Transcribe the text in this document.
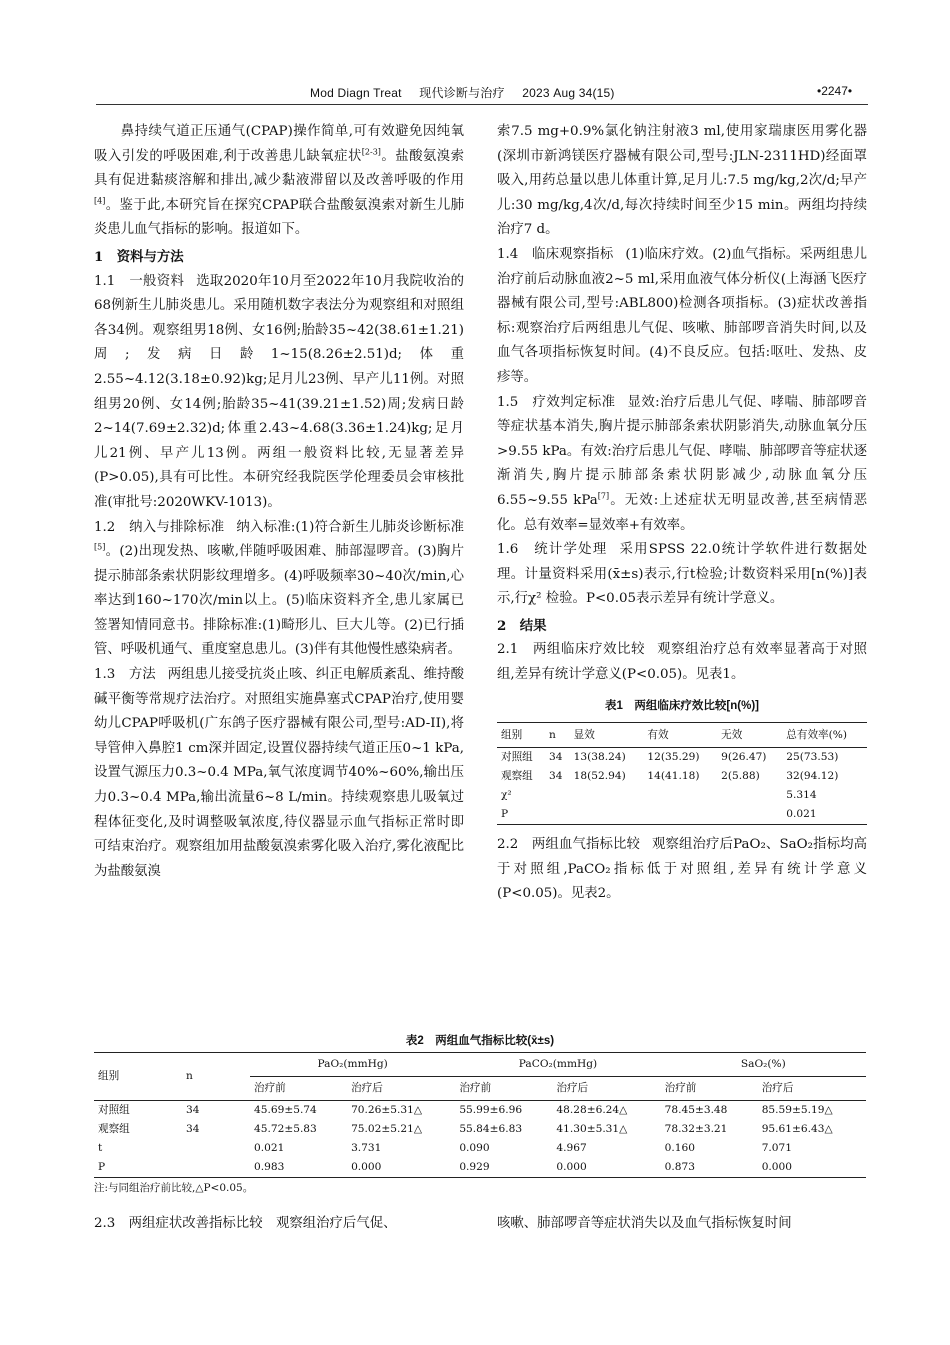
Mod Diagn Treat 现代诊断与治疗 2023 Aug 34(15)	•2247•

鼻持续气道正压通气(CPAP)操作简单,可有效避免因纯氧吸入引发的呼吸困难,利于改善患儿缺氧症状[2-3]。盐酸氨溴索具有促进黏痰溶解和排出,减少黏液滞留以及改善呼吸的作用[4]。鉴于此,本研究旨在探究CPAP联合盐酸氨溴索对新生儿肺炎患儿血气指标的影响。报道如下。

1　资料与方法

1.1　一般资料 选取2020年10月至2022年10月我院收治的68例新生儿肺炎患儿。采用随机数字表法分为观察组和对照组各34例。观察组男18例、女16例;胎龄35~42(38.61±1.21)周;发病日龄1~15(8.26±2.51)d;体重2.55~4.12(3.18±0.92)kg;足月儿23例、早产儿11例。对照组男20例、女14例;胎龄35~41(39.21±1.52)周;发病日龄2~14(7.69±2.32)d;体重2.43~4.68(3.36±1.24)kg;足月儿21例、早产儿13例。两组一般资料比较,无显著差异(P>0.05),具有可比性。本研究经我院医学伦理委员会审核批准(审批号:2020WKV-1013)。

1.2　纳入与排除标准 纳入标准:(1)符合新生儿肺炎诊断标准[5]。(2)出现发热、咳嗽,伴随呼吸困难、肺部湿啰音。(3)胸片提示肺部条索状阴影纹理增多。(4)呼吸频率30~40次/min,心率达到160~170次/min以上。(5)临床资料齐全,患儿家属已签署知情同意书。排除标准:(1)畸形儿、巨大儿等。(2)已行插管、呼吸机通气、重度窒息患儿。(3)伴有其他慢性感染病者。

1.3　方法 两组患儿接受抗炎止咳、纠正电解质紊乱、维持酸碱平衡等常规疗法治疗。对照组实施鼻塞式CPAP治疗,使用婴幼儿CPAP呼吸机(广东鸽子医疗器械有限公司,型号:AD-II),将导管伸入鼻腔1 cm深并固定,设置仪器持续气道正压0~1 kPa,设置气源压力0.3~0.4 MPa,氧气浓度调节40%~60%,输出压力0.3~0.4 MPa,输出流量6~8 L/min。持续观察患儿吸氧过程体征变化,及时调整吸氧浓度,待仪器显示血气指标正常时即可结束治疗。观察组加用盐酸氨溴索雾化吸入治疗,雾化液配比为盐酸氨溴

索7.5 mg+0.9%氯化钠注射液3 ml,使用家瑞康医用雾化器(深圳市新鸿镁医疗器械有限公司,型号:JLN-2311HD)经面罩吸入,用药总量以患儿体重计算,足月儿:7.5 mg/kg,2次/d;早产儿:30 mg/kg,4次/d,每次持续时间至少15 min。两组均持续治疗7 d。

1.4　临床观察指标 (1)临床疗效。(2)血气指标。采两组患儿治疗前后动脉血液2~5 ml,采用血液气体分析仪(上海涵飞医疗器械有限公司,型号:ABL800)检测各项指标。(3)症状改善指标:观察治疗后两组患儿气促、咳嗽、肺部啰音消失时间,以及血气各项指标恢复时间。(4)不良反应。包括:呕吐、发热、皮疹等。

1.5　疗效判定标准 显效:治疗后患儿气促、哮喘、肺部啰音等症状基本消失,胸片提示肺部条索状阴影消失,动脉血氧分压>9.55 kPa。有效:治疗后患儿气促、哮喘、肺部啰音等症状逐渐消失,胸片提示肺部条索状阴影减少,动脉血氧分压6.55~9.55 kPa[7]。无效:上述症状无明显改善,甚至病情恶化。总有效率=显效率+有效率。

1.6　统计学处理 采用SPSS 22.0统计学软件进行数据处理。计量资料采用(x̄±s)表示,行t检验;计数资料采用[n(%)]表示,行χ² 检验。P<0.05表示差异有统计学意义。

2　结果

2.1　两组临床疗效比较 观察组治疗总有效率显著高于对照组,差异有统计学意义(P<0.05)。见表1。

表1　两组临床疗效比较[n(%)]
组别	n	显效	有效	无效	总有效率(%)
对照组	34	13(38.24)	12(35.29)	9(26.47)	25(73.53)
观察组	34	18(52.94)	14(41.18)	2(5.88)	32(94.12)
χ²					5.314
P					0.021

2.2　两组血气指标比较 观察组治疗后PaO₂、SaO₂指标均高于对照组,PaCO₂指标低于对照组,差异有统计学意义(P<0.05)。见表2。

表2　两组血气指标比较(x̄±s)
组别	n	PaO₂(mmHg)		PaCO₂(mmHg)		SaO₂(%)	
		治疗前	治疗后	治疗前	治疗后	治疗前	治疗后
对照组	34	45.69±5.74	70.26±5.31△	55.99±6.96	48.28±6.24△	78.45±3.48	85.59±5.19△
观察组	34	45.72±5.83	75.02±5.21△	55.84±6.83	41.30±5.31△	78.32±3.21	95.61±6.43△
t		0.021	3.731	0.090	4.967	0.160	7.071
P		0.983	0.000	0.929	0.000	0.873	0.000

注:与同组治疗前比较,△P<0.05。

2.3　两组症状改善指标比较　观察组治疗后气促、	咳嗽、肺部啰音等症状消失以及血气指标恢复时间
